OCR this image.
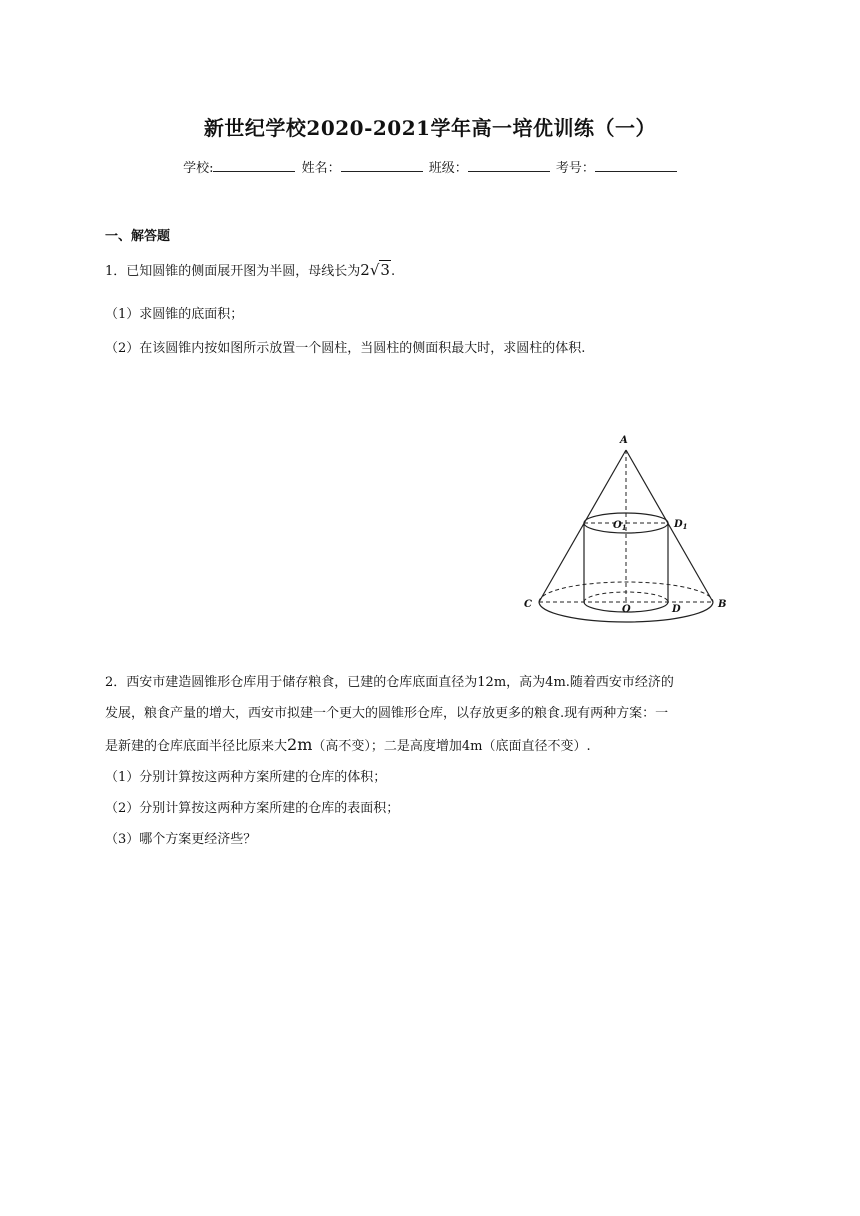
新世纪学校2020-2021学年高一培优训练（一）
学校:	姓名：	班级：	考号：
一、解答题
1．已知圆锥的侧面展开图为半圆，母线长为2√3.
（1）求圆锥的底面积；
（2）在该圆锥内按如图所示放置一个圆柱，当圆柱的侧面积最大时，求圆柱的体积.
A
$O_1$	$D_1$
C	O	D	B
2．西安市建造圆锥形仓库用于储存粮食，已建的仓库底面直径为12m，高为4m.随着西安市经济的
发展，粮食产量的增大，西安市拟建一个更大的圆锥形仓库，以存放更多的粮食.现有两种方案：一
是新建的仓库底面半径比原来大2m（高不变）；二是高度增加4m（底面直径不变）.
（1）分别计算按这两种方案所建的仓库的体积；
（2）分别计算按这两种方案所建的仓库的表面积；
（3）哪个方案更经济些？
